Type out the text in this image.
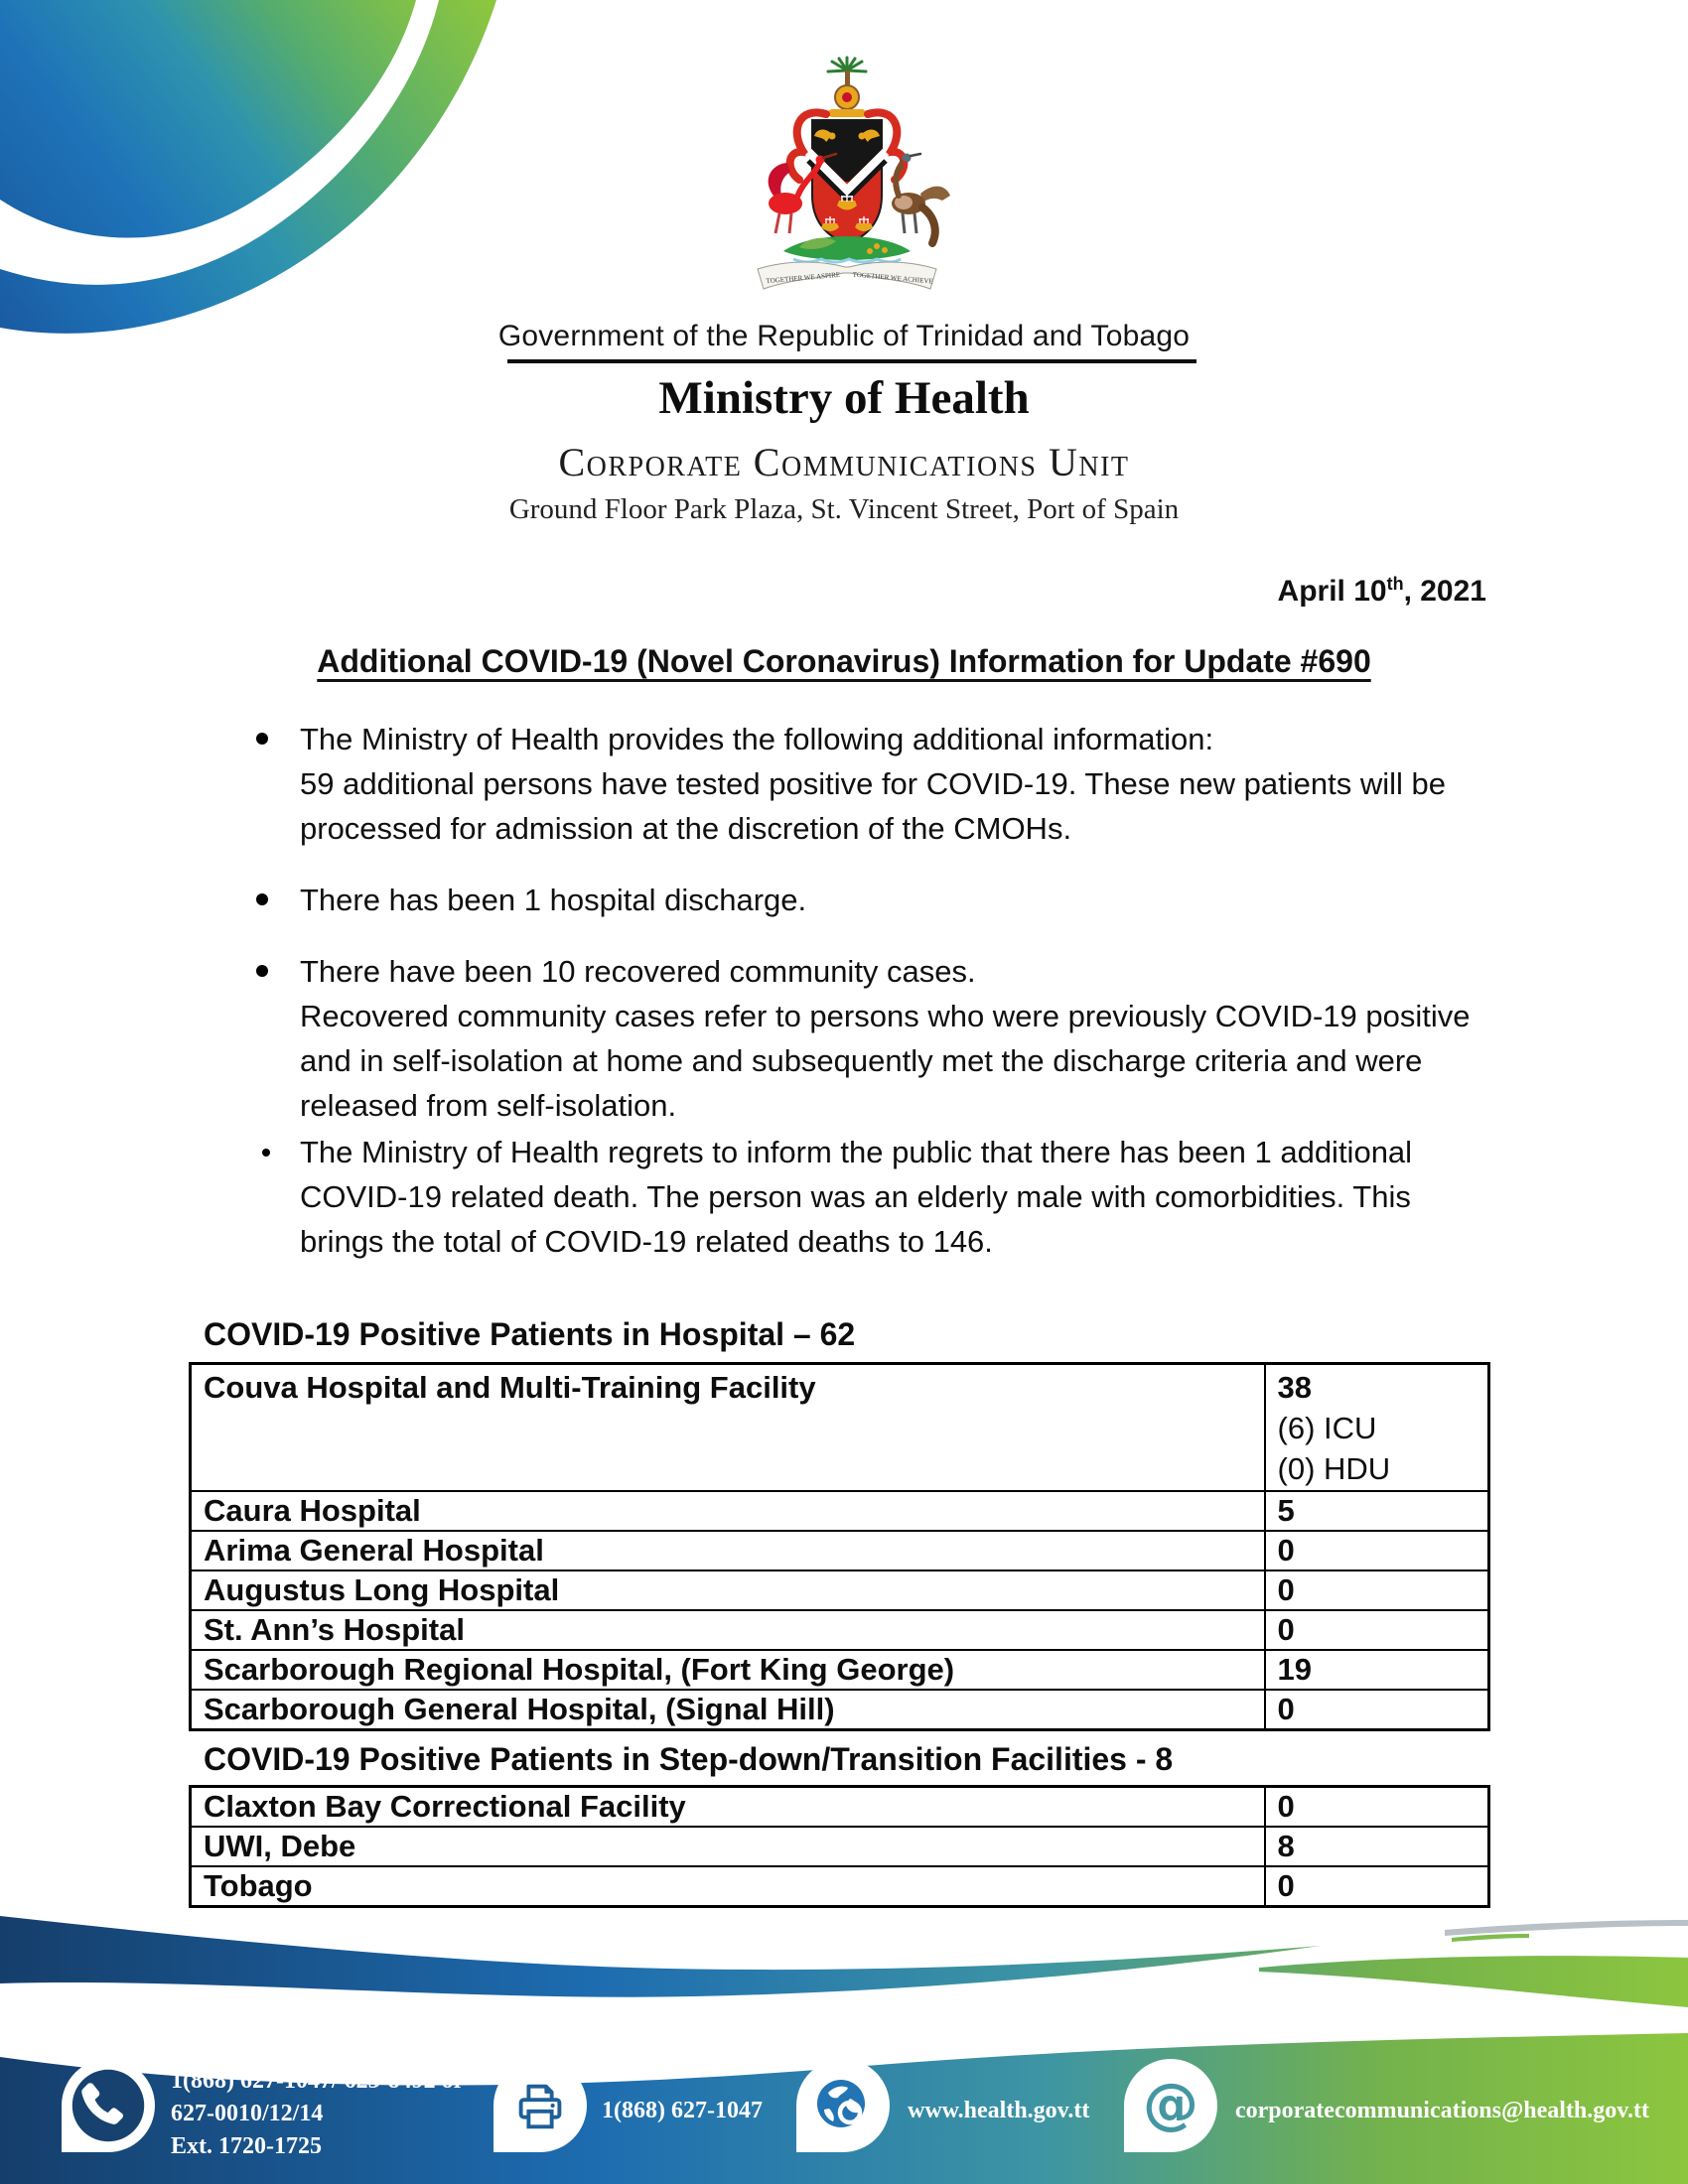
TOGETHER WE ASPIRE TOGETHER WE ACHIEVE
Government of the Republic of Trinidad and Tobago
Ministry of Health
Corporate Communications Unit
Ground Floor Park Plaza, St. Vincent Street, Port of Spain
April 10th, 2021
Additional COVID-19 (Novel Coronavirus) Information for Update #690
The Ministry of Health provides the following additional information:
59 additional persons have tested positive for COVID-19. These new patients will be processed for admission at the discretion of the CMOHs.
There has been 1 hospital discharge.
There have been 10 recovered community cases.
Recovered community cases refer to persons who were previously COVID-19 positive and in self-isolation at home and subsequently met the discharge criteria and were released from self-isolation.
The Ministry of Health regrets to inform the public that there has been 1 additional COVID-19 related death. The person was an elderly male with comorbidities. This brings the total of COVID-19 related deaths to 146.
COVID-19 Positive Patients in Hospital – 62
Couva Hospital and Multi-Training Facility	38
(6) ICU
(0) HDU

Caura Hospital	5
Arima General Hospital	0
Augustus Long Hospital	0
St. Ann’s Hospital	0
Scarborough Regional Hospital, (Fort King George)	19
Scarborough General Hospital, (Signal Hill)	0
COVID-19 Positive Patients in Step-down/Transition Facilities - 8
Claxton Bay Correctional Facility	0
UWI, Debe	8
Tobago	0
1(868) 627-1047/ 623-8492 or
627-0010/12/14
Ext. 1720-1725
1(868) 627-1047	www.health.gov.tt @ corporatecommunications@health.gov.tt
